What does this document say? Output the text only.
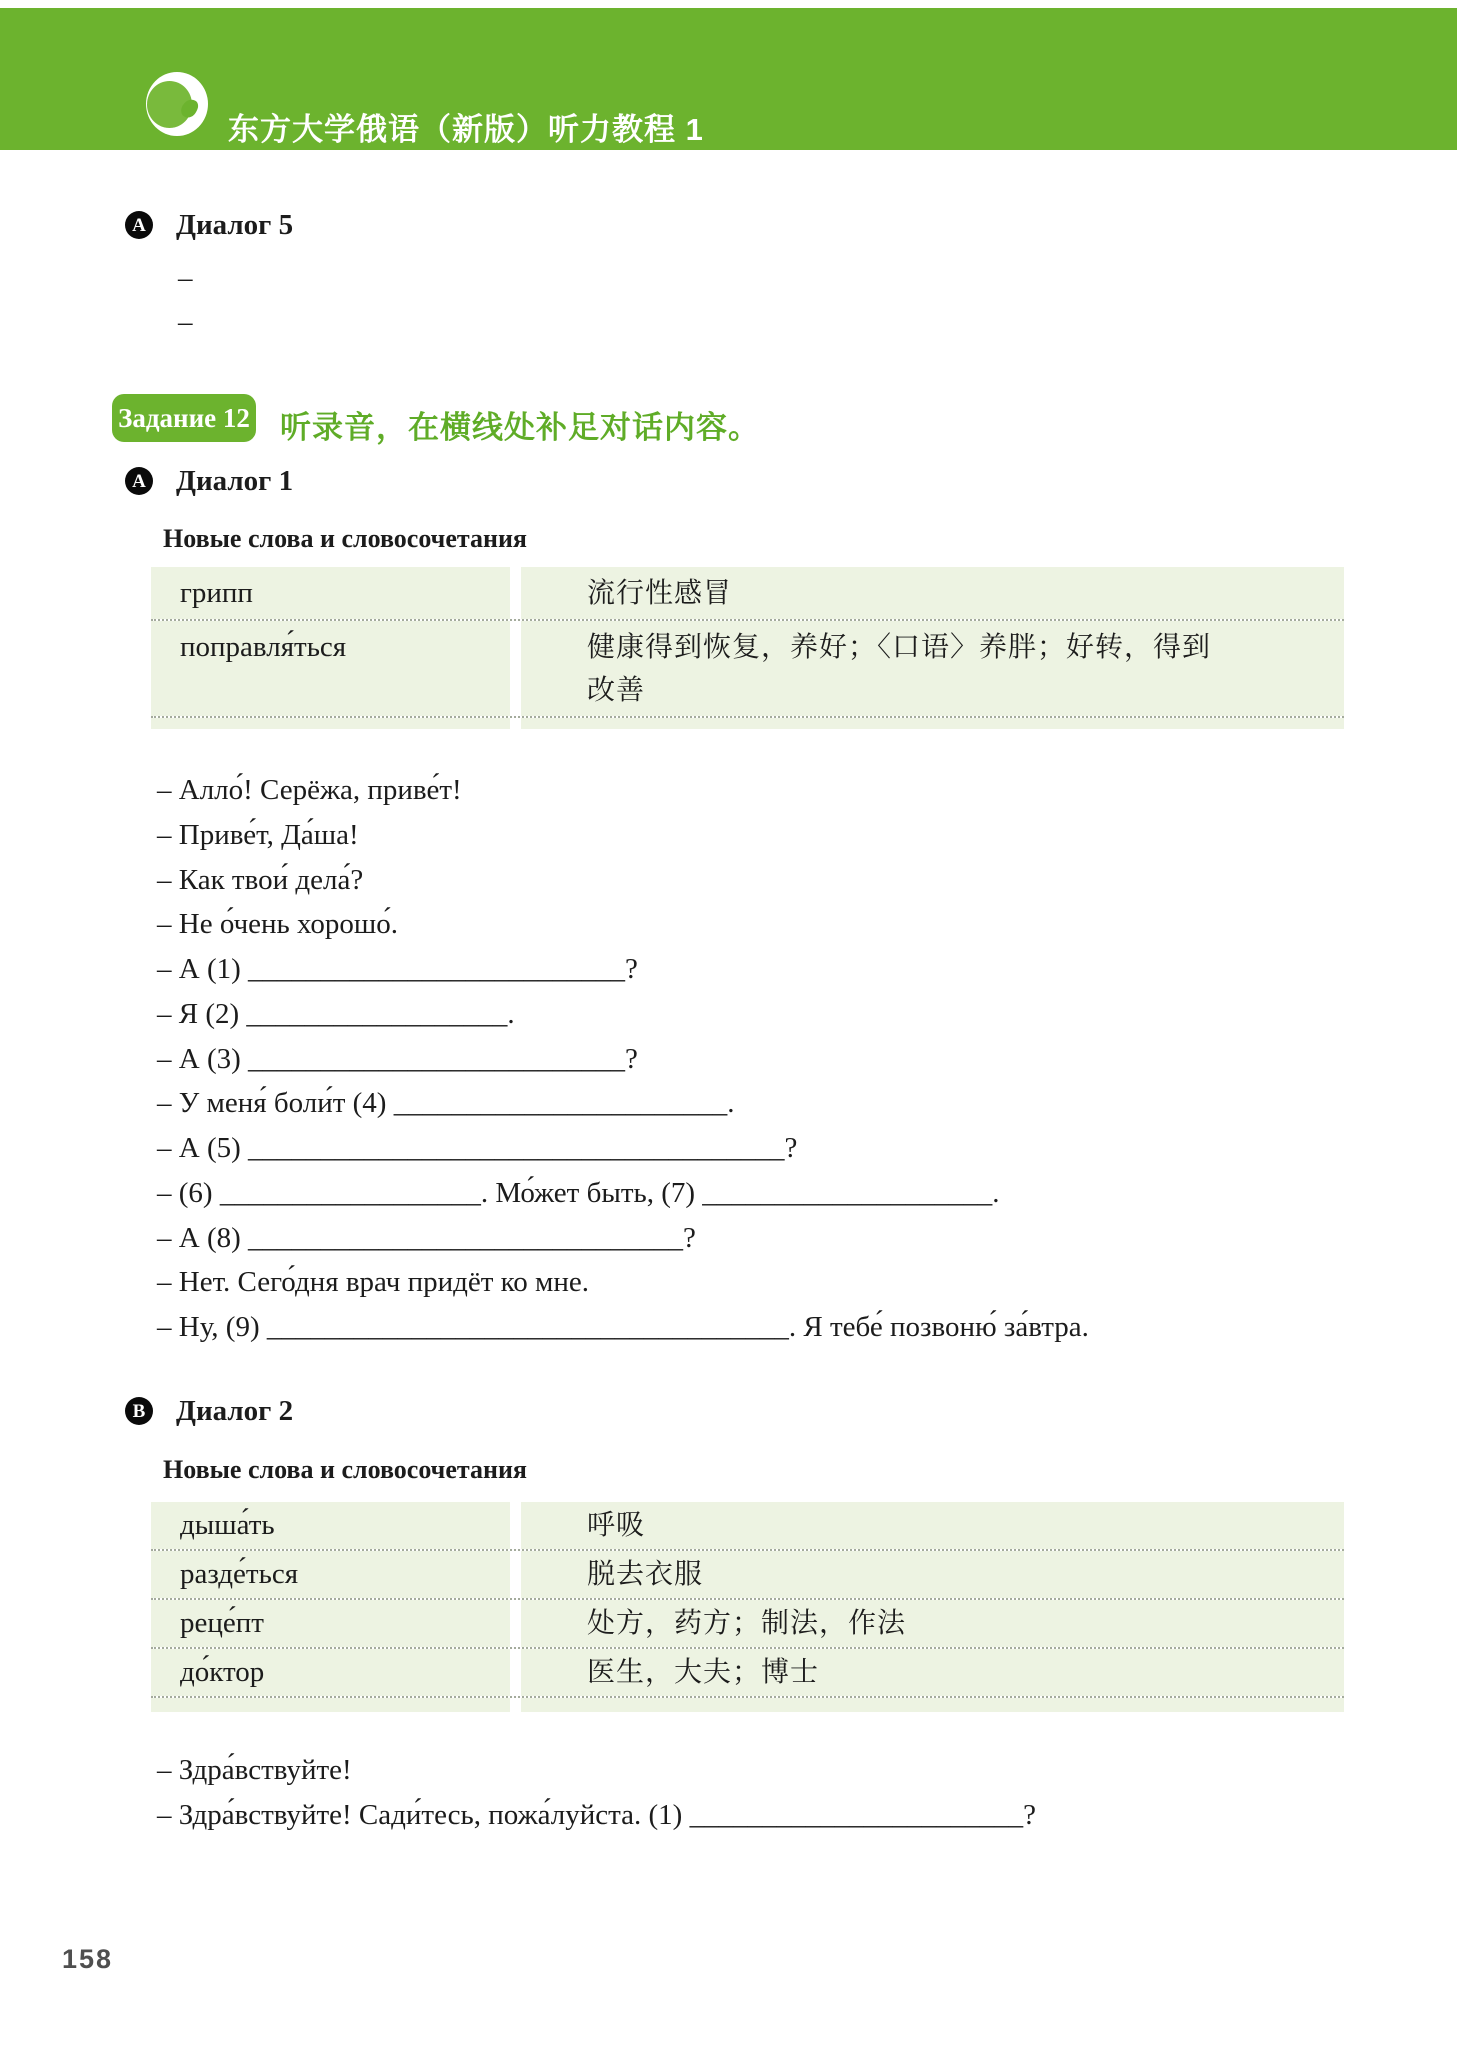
东方大学俄语（新版）听力教程 1
A Диалог 5
–
–
Задание 12 听录音，在横线处补足对话内容。
A Диалог 1
Новые слова и словосочетания
грипп	流行性感冒
поправля́ться	健康得到恢复，养好；〈口语〉养胖；好转，得到改善
– Алло́! Серёжа, приве́т!
– Приве́т, Да́ша!
– Как твои́ дела́?
– Не о́чень хорошо́.
– А (1) __________________________?
– Я (2) __________________.
– А (3) __________________________?
– У меня́ боли́т (4) _______________________.
– А (5) _____________________________________?
– (6) __________________. Мо́жет быть, (7) ____________________.
– А (8) ______________________________?
– Нет. Сего́дня врач придёт ко мне.
– Ну, (9) ____________________________________. Я тебе́ позвоню́ за́втра.
B Диалог 2
Новые слова и словосочетания
дыша́ть	呼吸
разде́ться	脱去衣服
реце́пт	处方，药方；制法，作法
до́ктор	医生，大夫；博士
– Здра́вствуйте!
– Здра́вствуйте! Сади́тесь, пожа́луйста. (1) _______________________?
158
